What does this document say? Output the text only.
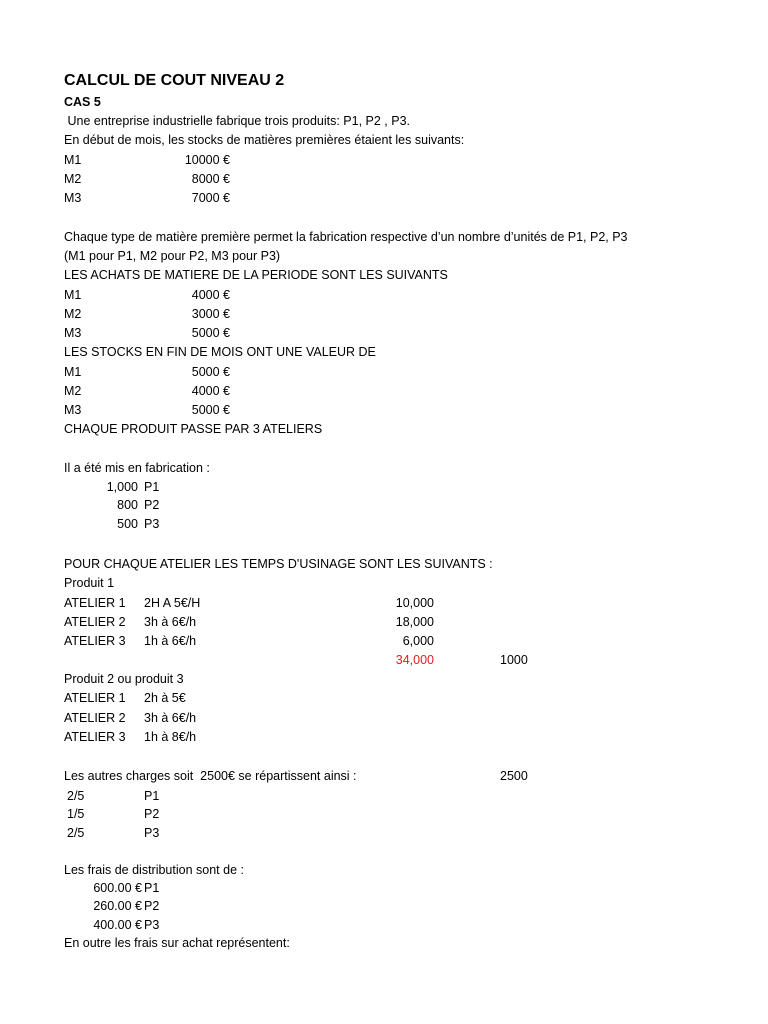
CALCUL DE COUT NIVEAU 2
CAS 5
Une entreprise industrielle fabrique trois produits: P1, P2 , P3.
En début de mois, les stocks de matières premières étaient les suivants:
M1	10000 €
M2	8000 €
M3	7000 €
Chaque type de matière première permet la fabrication respective d’un nombre d’unités de P1, P2, P3
(M1 pour P1, M2 pour P2, M3 pour P3)
LES ACHATS DE MATIERE DE LA PERIODE SONT LES SUIVANTS
M1	4000 €
M2	3000 €
M3	5000 €
LES STOCKS EN FIN DE MOIS ONT UNE VALEUR DE
M1	5000 €
M2	4000 €
M3	5000 €
CHAQUE PRODUIT PASSE PAR 3 ATELIERS
Il a été mis en fabrication :
1,000 P1
800 P2
500 P3
POUR CHAQUE ATELIER LES TEMPS D'USINAGE SONT LES SUIVANTS :
Produit 1
ATELIER 1 2H A 5€/H	10,000
ATELIER 2 3h à 6€/h	18,000
ATELIER 3 1h à 6€/h	6,000
34,000	1000
Produit 2 ou produit 3
ATELIER 1 2h à 5€
ATELIER 2 3h à 6€/h
ATELIER 3 1h à 8€/h
Les autres charges soit  2500€ se répartissent ainsi :	2500
2/5	P1
1/5	P2
2/5	P3
Les frais de distribution sont de :
600.00 € P1
260.00 € P2
400.00 € P3
En outre les frais sur achat représentent:
